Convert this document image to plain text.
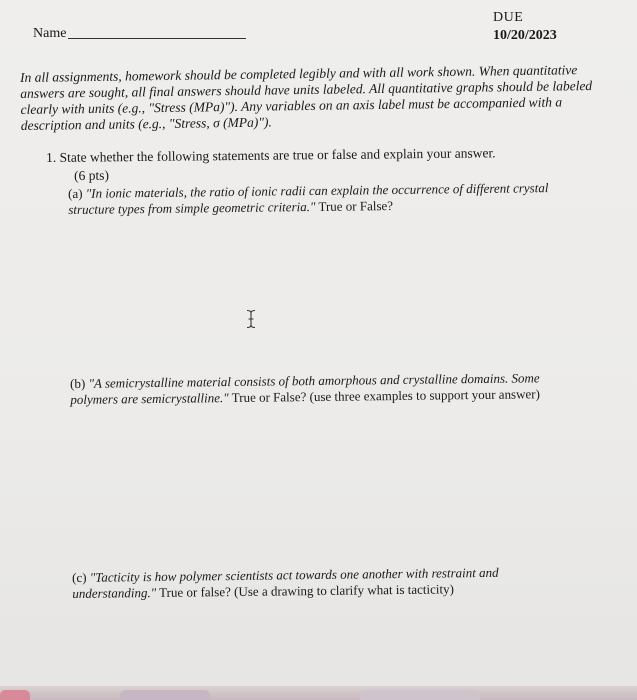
Name
DUE
10/20/2023
In all assignments, homework should be completed legibly and with all work shown. When quantitative answers are sought, all final answers should have units labeled. All quantitative graphs should be labeled clearly with units (e.g., "Stress (MPa)"). Any variables on an axis label must be accompanied with a description and units (e.g., "Stress, σ (MPa)").
1. State whether the following statements are true or false and explain your answer.
(6 pts)
(a) "In ionic materials, the ratio of ionic radii can explain the occurrence of different crystal structure types from simple geometric criteria." True or False?
(b) "A semicrystalline material consists of both amorphous and crystalline domains. Some polymers are semicrystalline." True or False? (use three examples to support your answer)
(c) "Tacticity is how polymer scientists act towards one another with restraint and understanding." True or false? (Use a drawing to clarify what is tacticity)
